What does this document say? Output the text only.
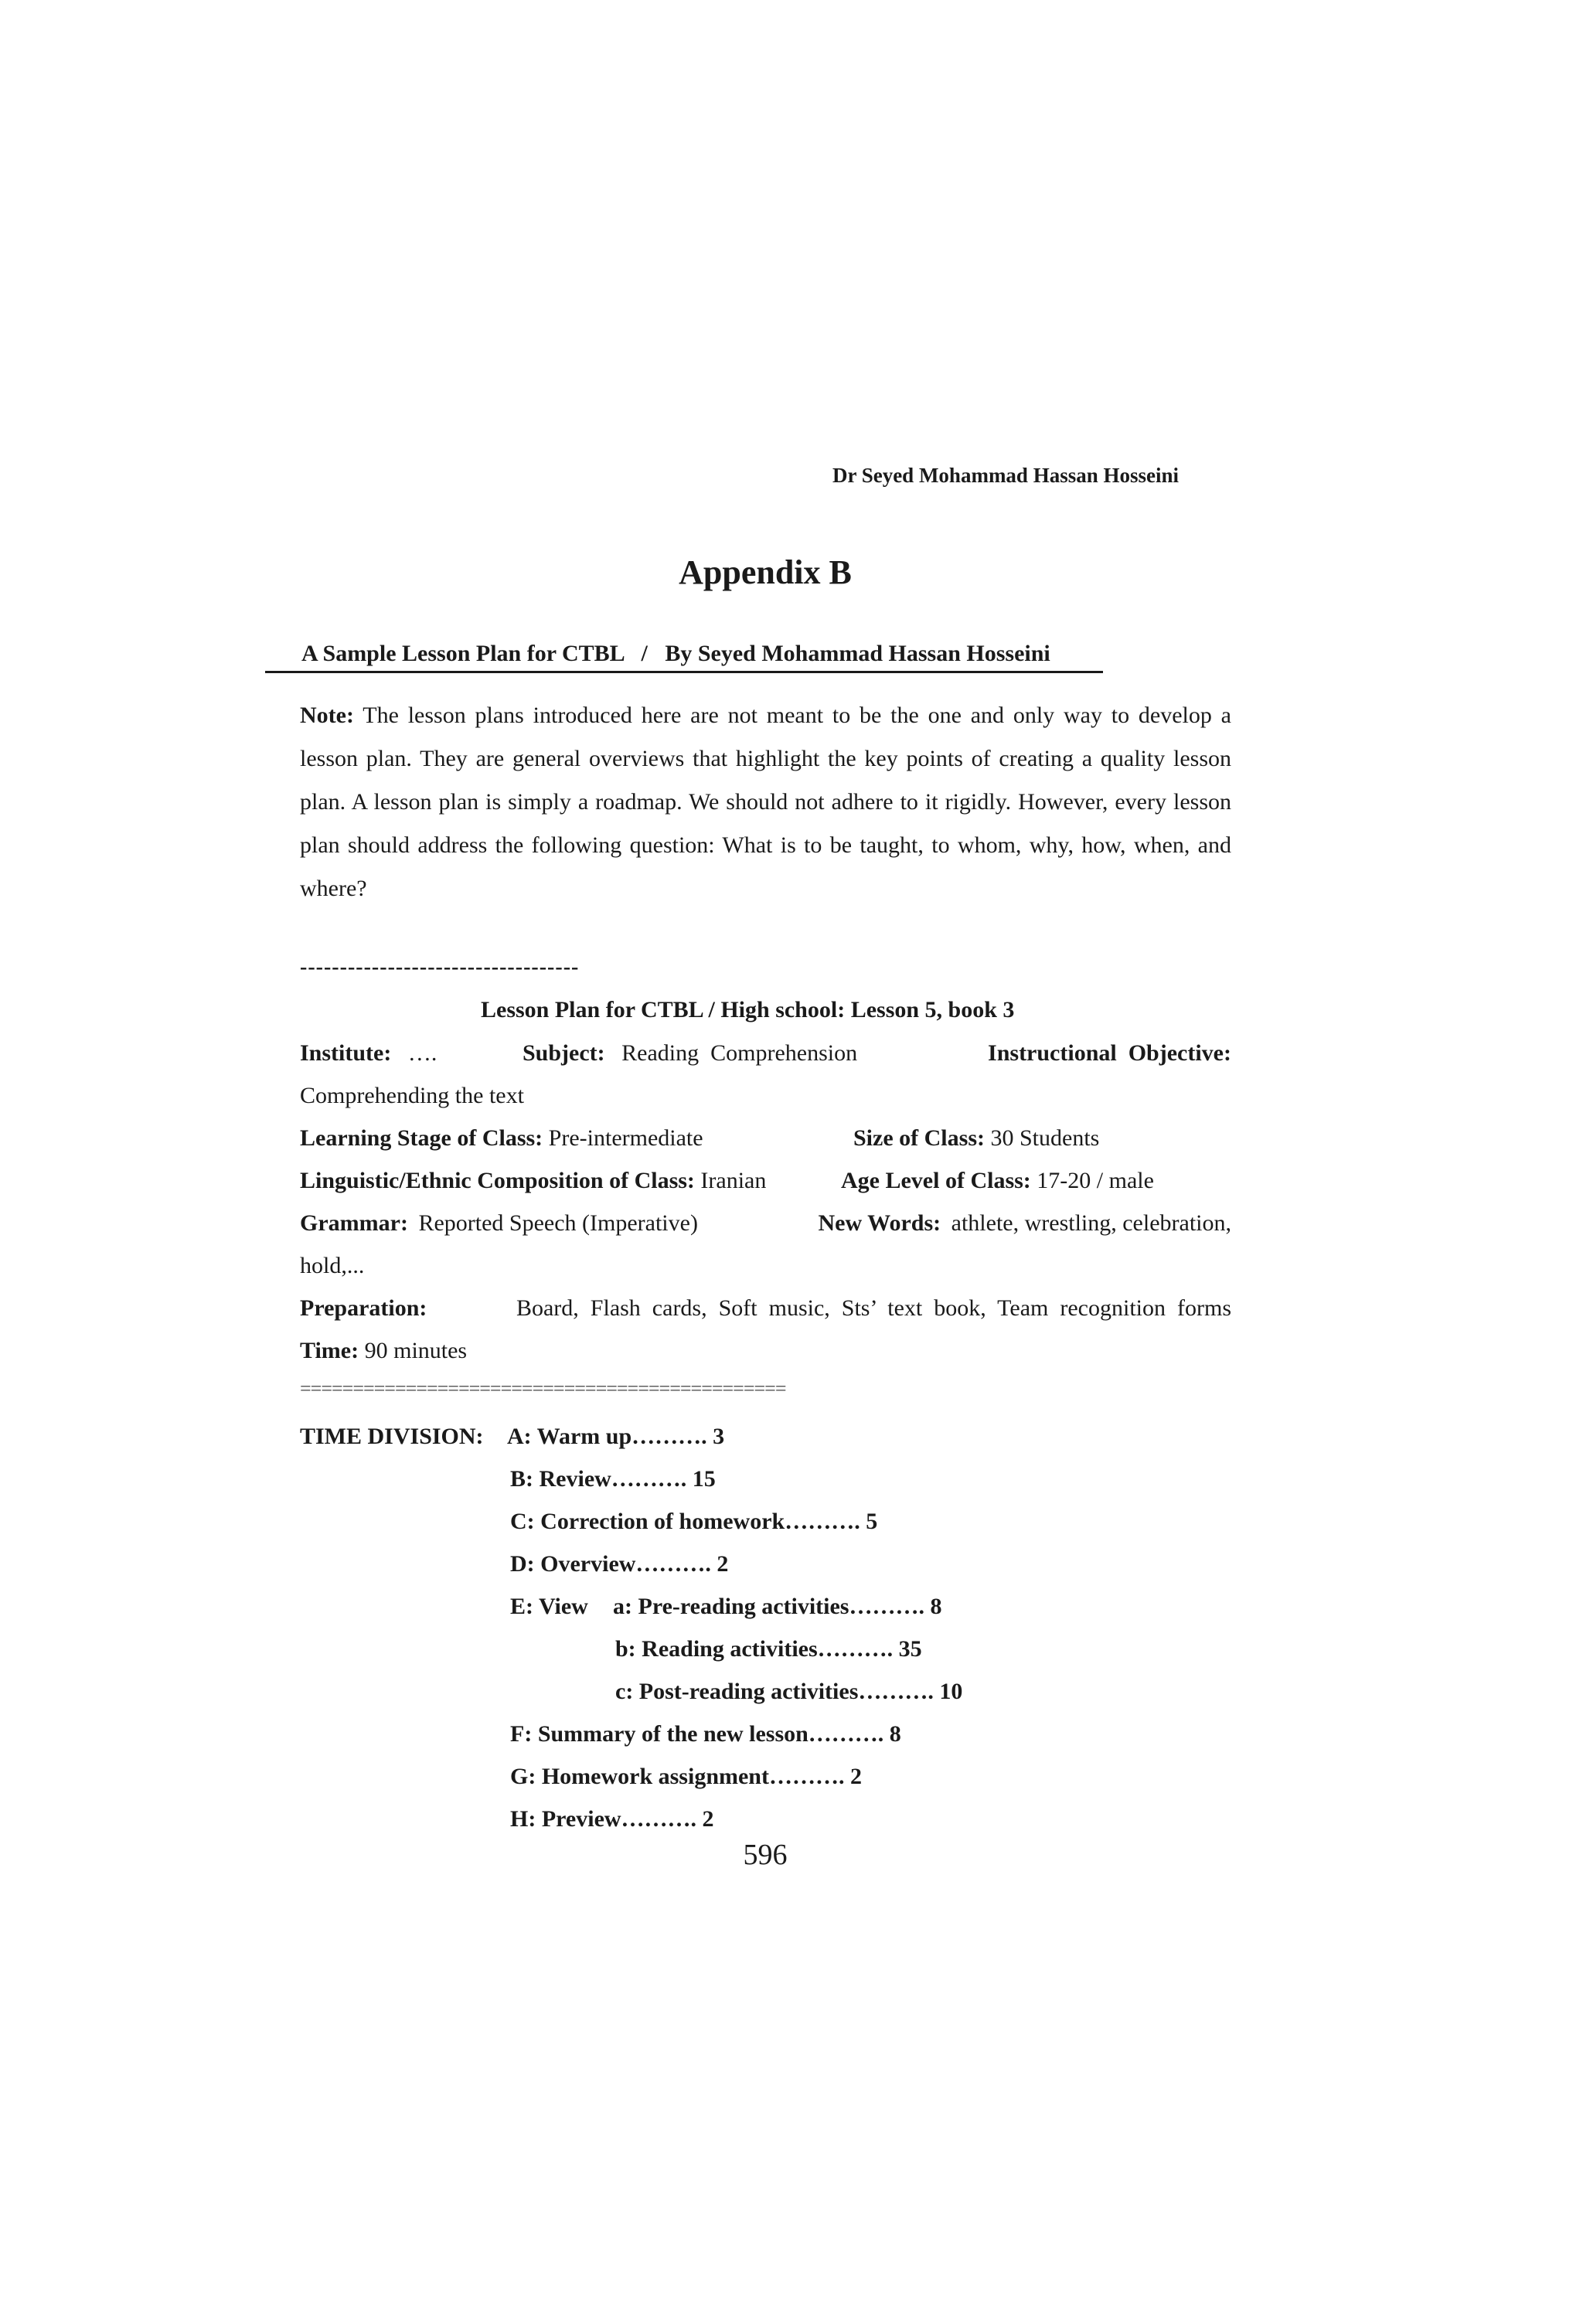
Dr Seyed Mohammad Hassan Hosseini
Appendix B
A Sample Lesson Plan for CTBL   /   By Seyed Mohammad Hassan Hosseini
Note: The lesson plans introduced here are not meant to be the one and only way to develop a lesson plan. They are general overviews that highlight the key points of creating a quality lesson plan. A lesson plan is simply a roadmap. We should not adhere to it rigidly. However, every lesson plan should address the following question: What is to be taught, to whom, why, how, when, and where?
-----------------------------------
Lesson Plan for CTBL / High school: Lesson 5, book 3
Institute: ….	Subject: Reading  Comprehension	Instructional  Objective:
Comprehending the text
Learning Stage of Class: Pre-intermediate	Size of Class: 30 Students
Linguistic/Ethnic Composition of Class: Iranian	Age Level of Class: 17-20 / male
Grammar: Reported Speech (Imperative)	New Words: athlete, wrestling, celebration,
hold,...
Preparation:	Board,  Flash  cards,  Soft  music,  Sts’  text  book,  Team  recognition  forms
Time: 90 minutes
==============================================
TIME DIVISION: A: Warm up………. 3
B: Review………. 15
C: Correction of homework………. 5
D: Overview………. 2
E: View a: Pre-reading activities………. 8
b: Reading activities………. 35
c: Post-reading activities………. 10
F: Summary of the new lesson………. 8
G: Homework assignment………. 2
H: Preview………. 2
596
